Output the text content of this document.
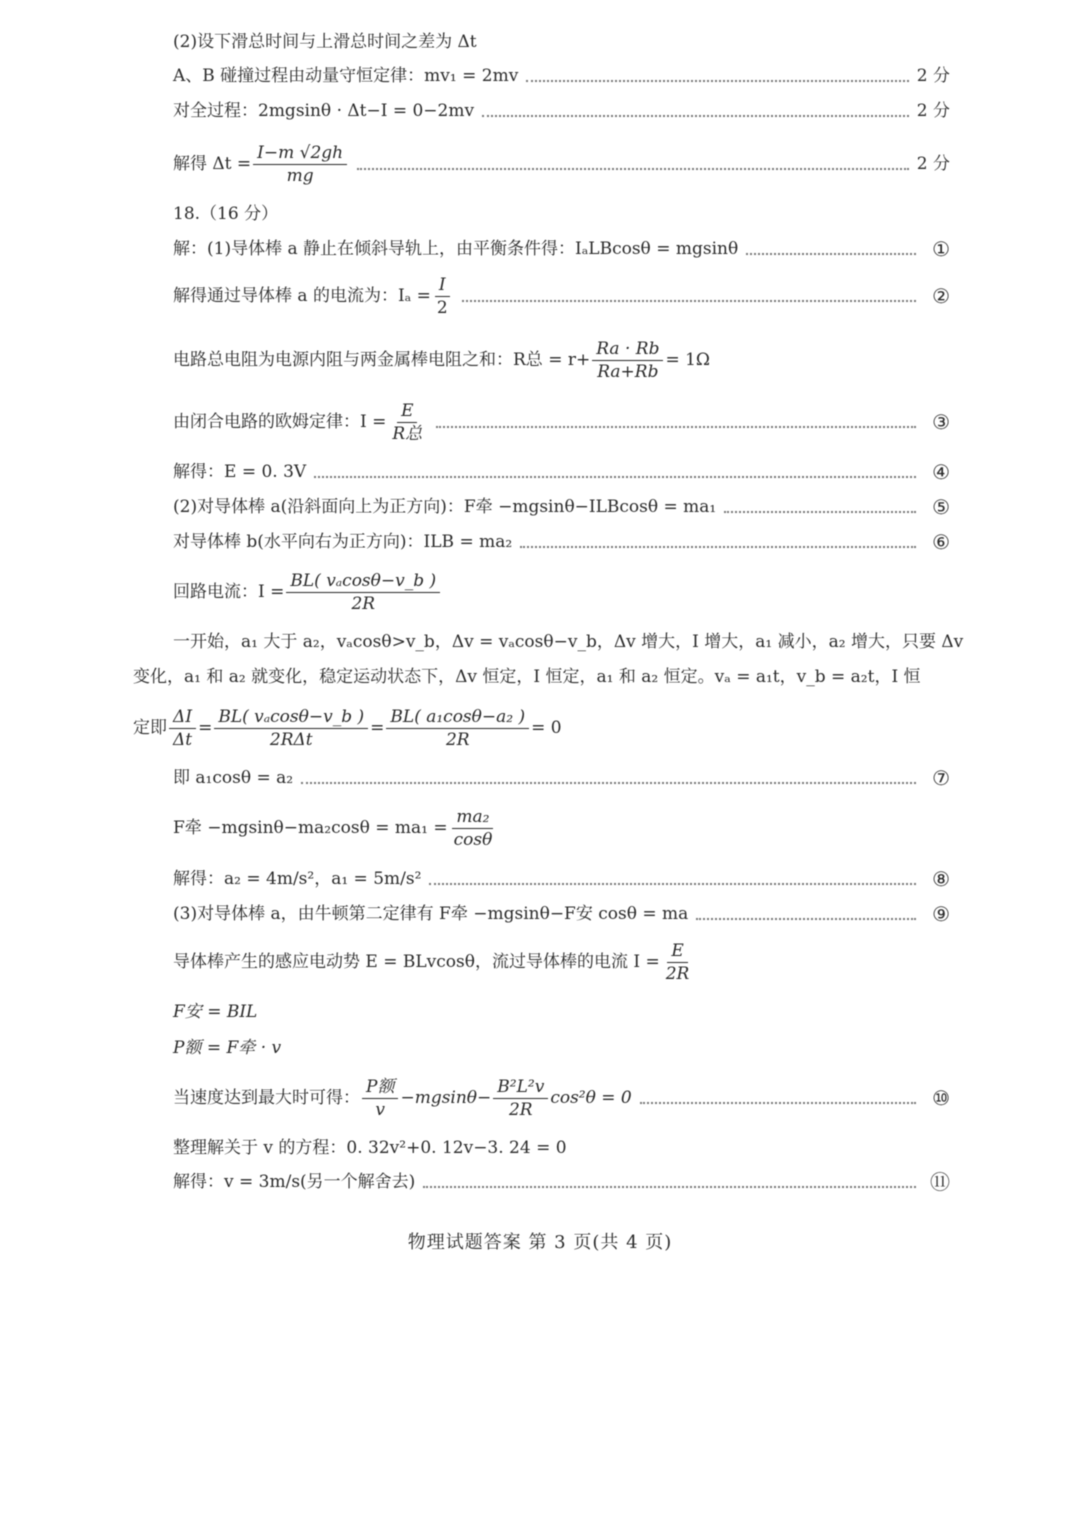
(2)设下滑总时间与上滑总时间之差为 Δt
A、B 碰撞过程由动量守恒定律：mv₁ = 2mv	2 分
对全过程：2mgsinθ · Δt−I = 0−2mv	2 分
解得 $\Delta t = \frac{I-m √2gh}{mg}$	2 分
18.（16 分）
解：(1)导体棒 a 静止在倾斜导轨上，由平衡条件得：IₐLBcosθ = mgsinθ	①
解得通过导体棒 a 的电流为：$I_a = \frac{I}{2}$	②
电路总电阻为电源内阻与两金属棒电阻之和：R总 = $r+ \frac{Ra \cdot Rb}{Ra+Rb} = 1\Omega$
由闭合电路的欧姆定律：$I = \frac{E}{\text{R总}}$	③
解得：E = 0. 3V	④
(2)对导体棒 a(沿斜面向上为正方向)：F牵 −mgsinθ−ILBcosθ = ma₁	⑤
对导体棒 b(水平向右为正方向)：ILB = ma₂	⑥
回路电流：$I = \frac{\text{BL( vₐcosθ−v\_b )}}{2R}$
一开始，a₁ 大于 a₂，vₐcosθ>v_b，Δv = vₐcosθ−v_b，Δv 增大，I 增大，a₁ 减小，a₂ 增大，只要 Δv
变化，a₁ 和 a₂ 就变化，稳定运动状态下，Δv 恒定，I 恒定，a₁ 和 a₂ 恒定。vₐ = a₁t，v_b = a₂t，I 恒
定即 $\frac{\Delta I}{\Delta t} = \frac{\text{BL( vₐcosθ−v\_b )}}{\text{2RΔt}} = \frac{\text{BL( a₁cosθ−a₂ )}}{2R} = 0$
即 a₁cosθ = a₂	⑦
F牵 $-mgsin\theta-ma_2\cos\theta = ma_1 = \frac{\text{ma₂}}{\cos\theta}$
解得：a₂ = 4m/s²，a₁ = 5m/s²	⑧
(3)对导体棒 a，由牛顿第二定律有 F牵 −mgsinθ−F安 cosθ = ma	⑨
导体棒产生的感应电动势 E = BLvcosθ，流过导体棒的电流 $I = \frac{E}{2R}$
F安 = BIL
P额 = F牵 · v
当速度达到最大时可得： $\frac{\text{P额}}{v} -mgsin\theta- \frac{\text{B²L²v}}{2R} \cos^2\theta = 0$	⑩
整理解关于 v 的方程：0. 32v²+0. 12v−3. 24 = 0
解得：v = 3m/s(另一个解舍去)	⑪
物理试题答案 第 3 页(共 4 页)
